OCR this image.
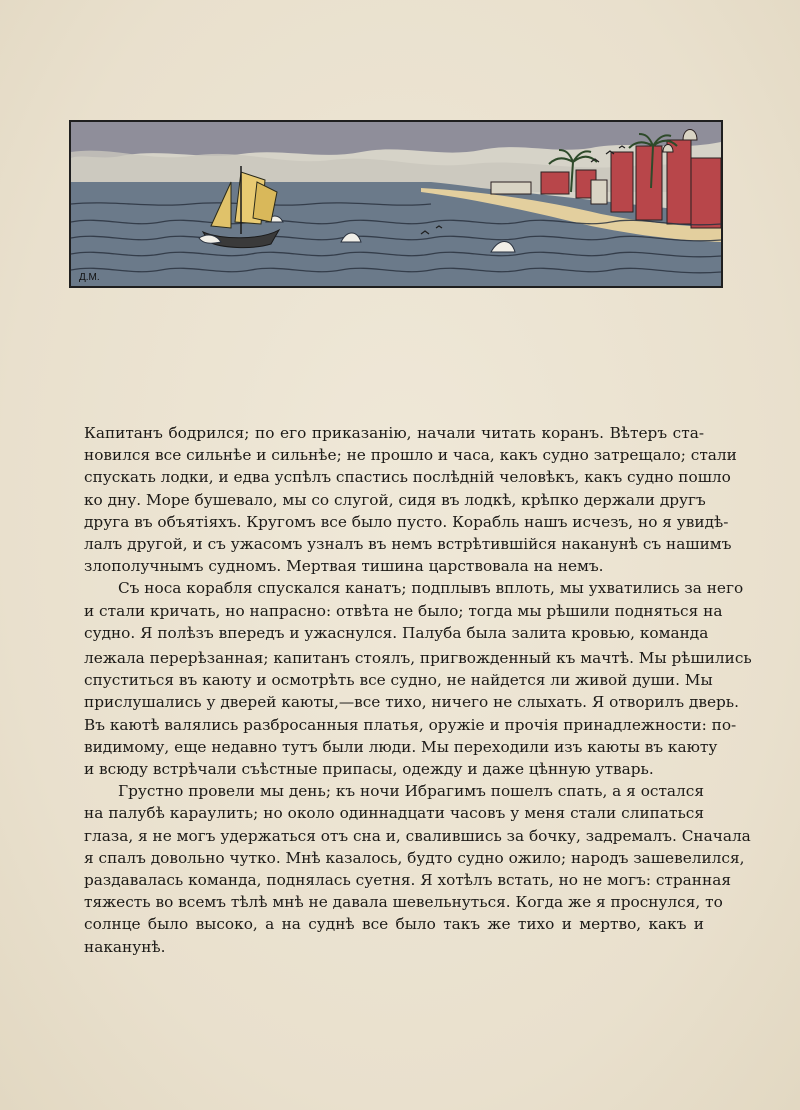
Д.М.
Капитанъ бодрился; по его приказанію, начали читать коранъ. Вѣтеръ ста-
новился все сильнѣе и сильнѣе; не прошло и часа, какъ судно затрещало; стали
спускать лодки, и едва успѣлъ спастись послѣдній человѣкъ, какъ судно пошло
ко дну. Море бушевало, мы со слугой, сидя въ лодкѣ, крѣпко держали другъ
друга въ объятіяхъ. Кругомъ все было пусто. Корабль нашъ исчезъ, но я увидѣ-
лалъ другой, и съ ужасомъ узналъ въ немъ встрѣтившійся наканунѣ съ нашимъ
злополучнымъ судномъ. Мертвая тишина царствовала на немъ.
Съ носа корабля спускался канатъ; подплывъ вплоть, мы ухватились за него
и стали кричать, но напрасно: отвѣта не было; тогда мы рѣшили подняться на
судно. Я полѣзъ впередъ и ужаснулся. Палуба была залита кровью, команда
лежала перерѣзанная; капитанъ стоялъ, пригвожденный къ мачтѣ. Мы рѣшились
спуститься въ каюту и осмотрѣть все судно, не найдется ли живой души. Мы
прислушались у дверей каюты,—все тихо, ничего не слыхать. Я отворилъ дверь.
Въ каютѣ валялись разбросанныя платья, оружіе и прочія принадлежности: по-
видимому, еще недавно тутъ были люди. Мы переходили изъ каюты въ каюту
и всюду встрѣчали съѣстные припасы, одежду и даже цѣнную утварь.
Грустно провели мы день; къ ночи Ибрагимъ пошелъ спать, а я остался
на палубѣ караулить; но около одиннадцати часовъ у меня стали слипаться
глаза, я не могъ удержаться отъ сна и, свалившись за бочку, задремалъ. Сначала
я спалъ довольно чутко. Мнѣ казалось, будто судно ожило; народъ зашевелился,
раздавалась команда, поднялась суетня. Я хотѣлъ встать, но не могъ: странная
тяжесть во всемъ тѣлѣ мнѣ не давала шевельнуться. Когда же я проснулся, то
солнце было высоко, а на суднѣ все было такъ же тихо и мертво, какъ и
наканунѣ.
